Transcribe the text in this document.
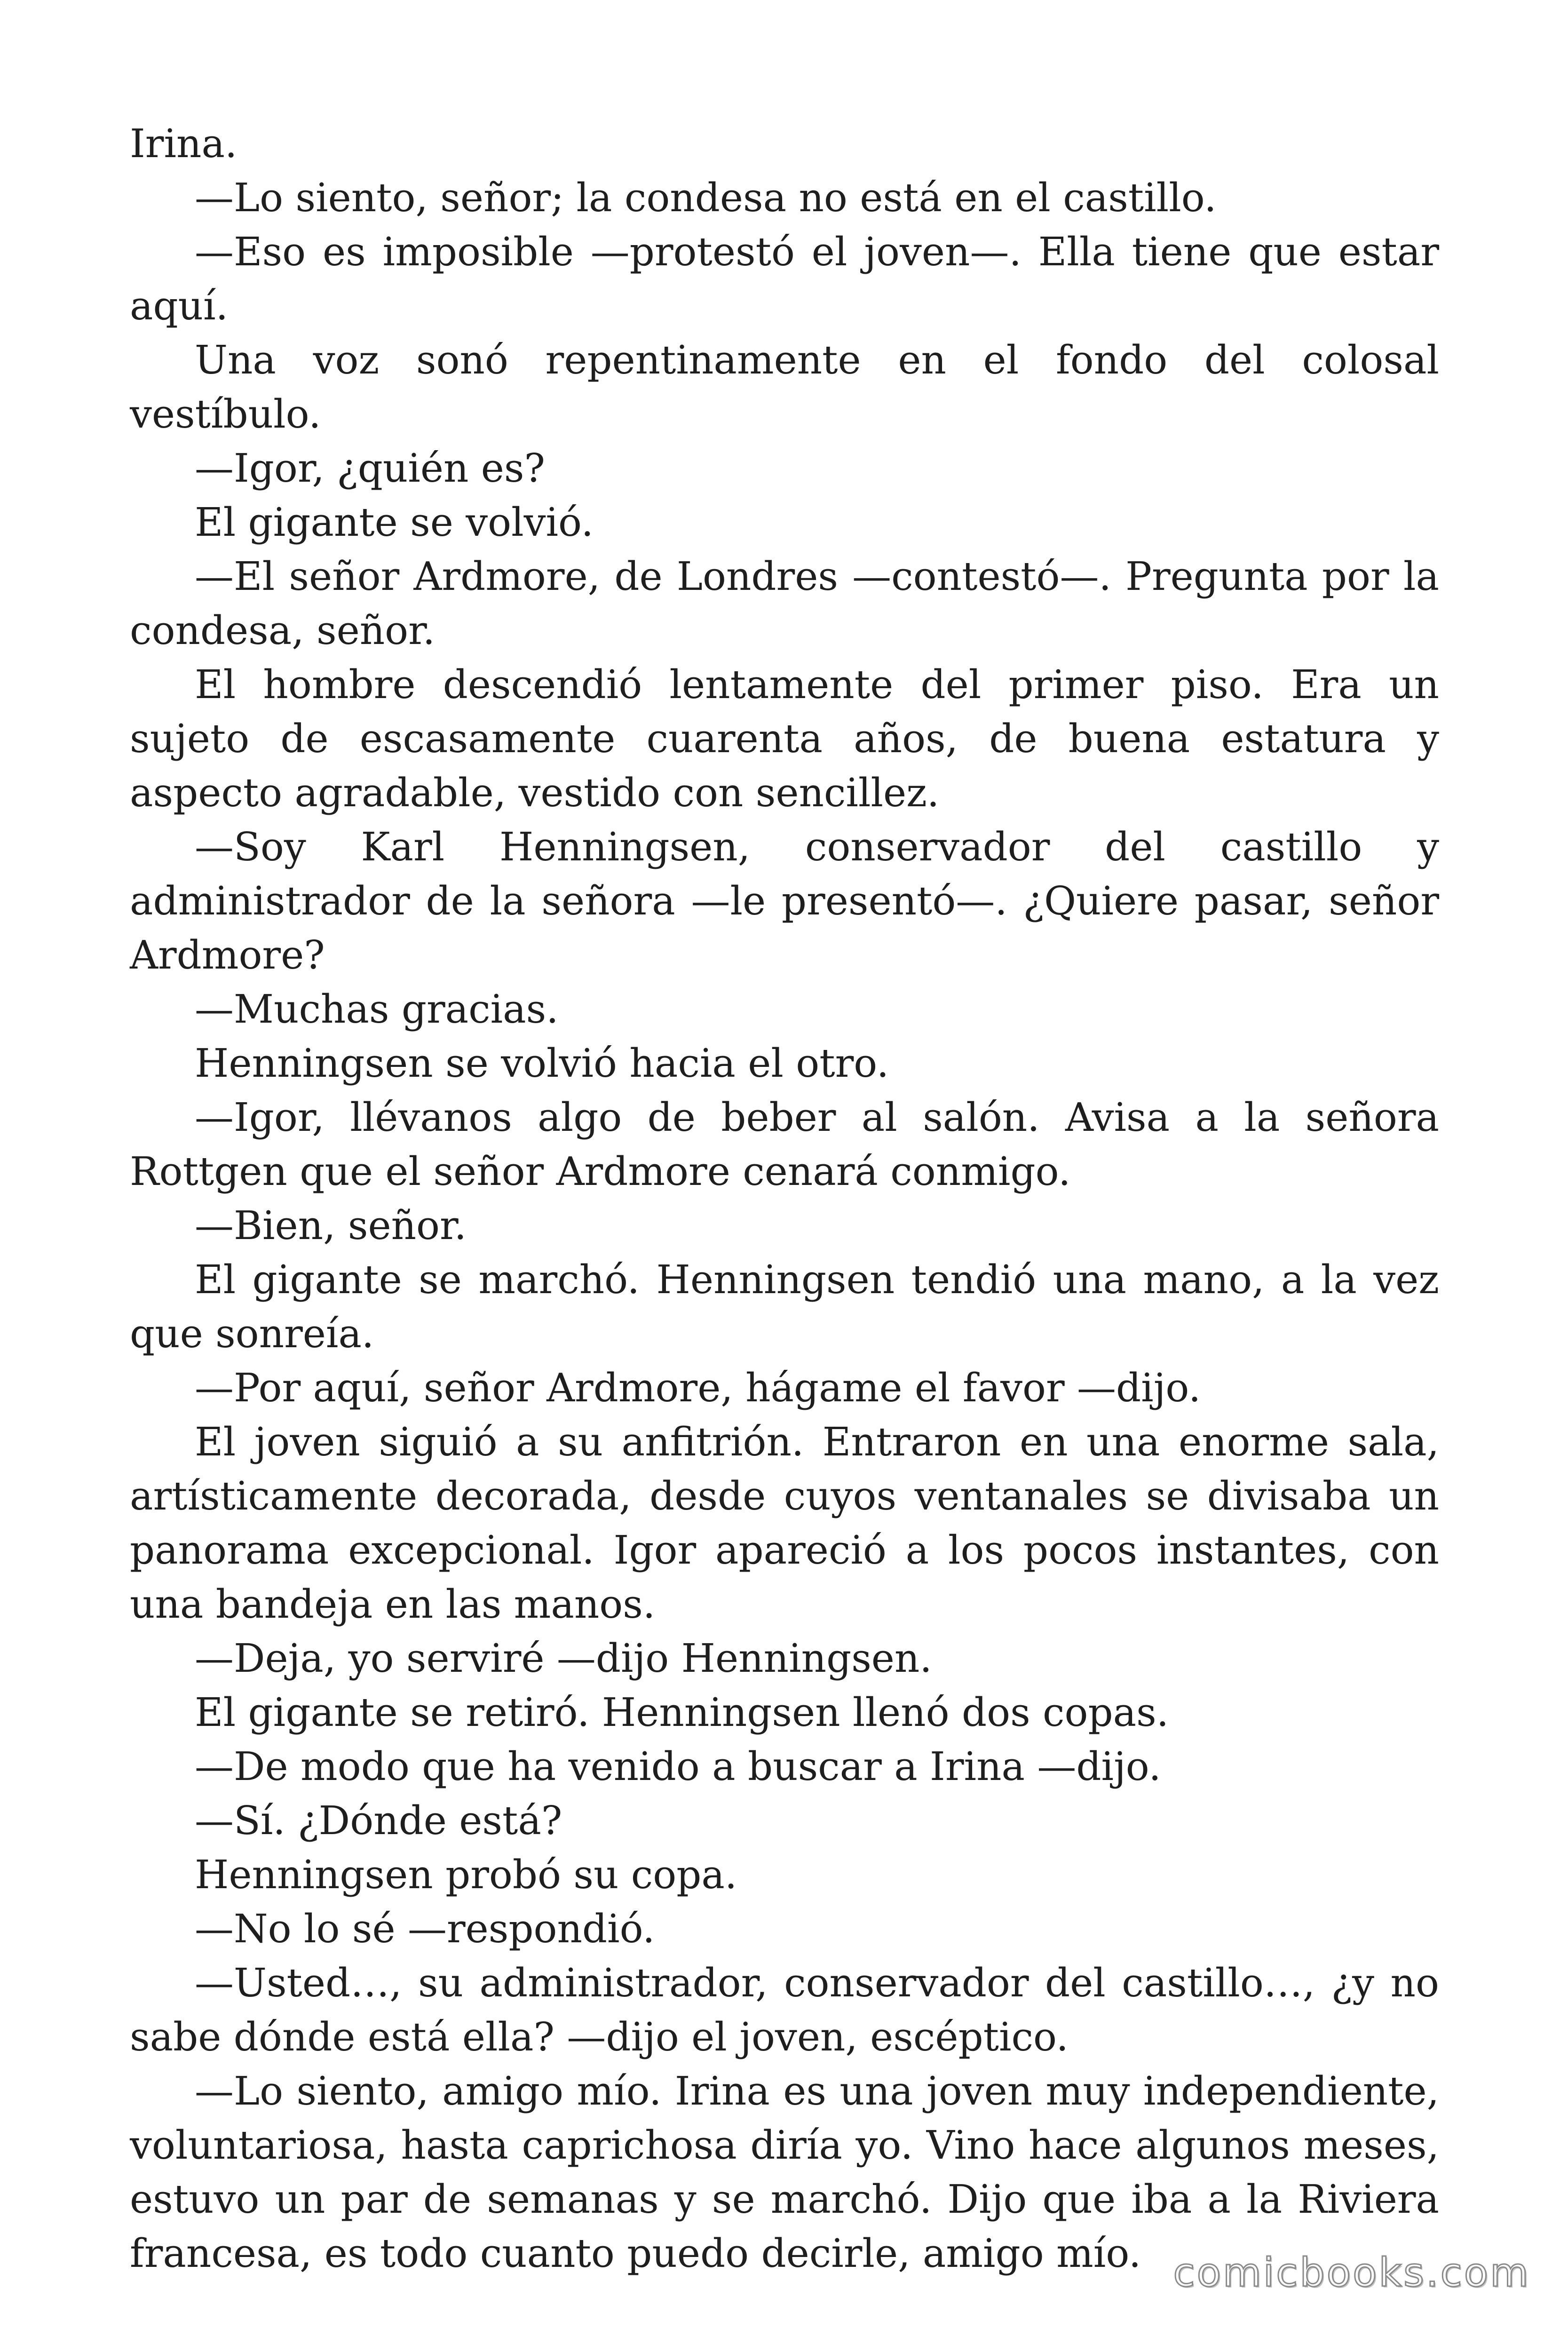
Irina.

—Lo siento, señor; la condesa no está en el castillo.

—Eso es imposible —protestó el joven—. Ella tiene que estar aquí.

Una voz sonó repentinamente en el fondo del colosal vestíbulo.

—Igor, ¿quién es?

El gigante se volvió.

—El señor Ardmore, de Londres —contestó—. Pregunta por la condesa, señor.

El hombre descendió lentamente del primer piso. Era un sujeto de escasamente cuarenta años, de buena estatura y aspecto agradable, vestido con sencillez.

—Soy Karl Henningsen, conservador del castillo y administrador de la señora —le presentó—. ¿Quiere pasar, señor Ardmore?

—Muchas gracias.

Henningsen se volvió hacia el otro.

—Igor, llévanos algo de beber al salón. Avisa a la señora Rottgen que el señor Ardmore cenará conmigo.

—Bien, señor.

El gigante se marchó. Henningsen tendió una mano, a la vez que sonreía.

—Por aquí, señor Ardmore, hágame el favor —dijo.

El joven siguió a su anfitrión. Entraron en una enorme sala, artísticamente decorada, desde cuyos ventanales se divisaba un panorama excepcional. Igor apareció a los pocos instantes, con una bandeja en las manos.

—Deja, yo serviré —dijo Henningsen.

El gigante se retiró. Henningsen llenó dos copas.

—De modo que ha venido a buscar a Irina —dijo.

—Sí. ¿Dónde está?

Henningsen probó su copa.

—No lo sé —respondió.

—Usted…, su administrador, conservador del castillo…, ¿y no sabe dónde está ella? —dijo el joven, escéptico.

—Lo siento, amigo mío. Irina es una joven muy independiente, voluntariosa, hasta caprichosa diría yo. Vino hace algunos meses, estuvo un par de semanas y se marchó. Dijo que iba a la Riviera francesa, es todo cuanto puedo decirle, amigo mío. comicbooks.com
